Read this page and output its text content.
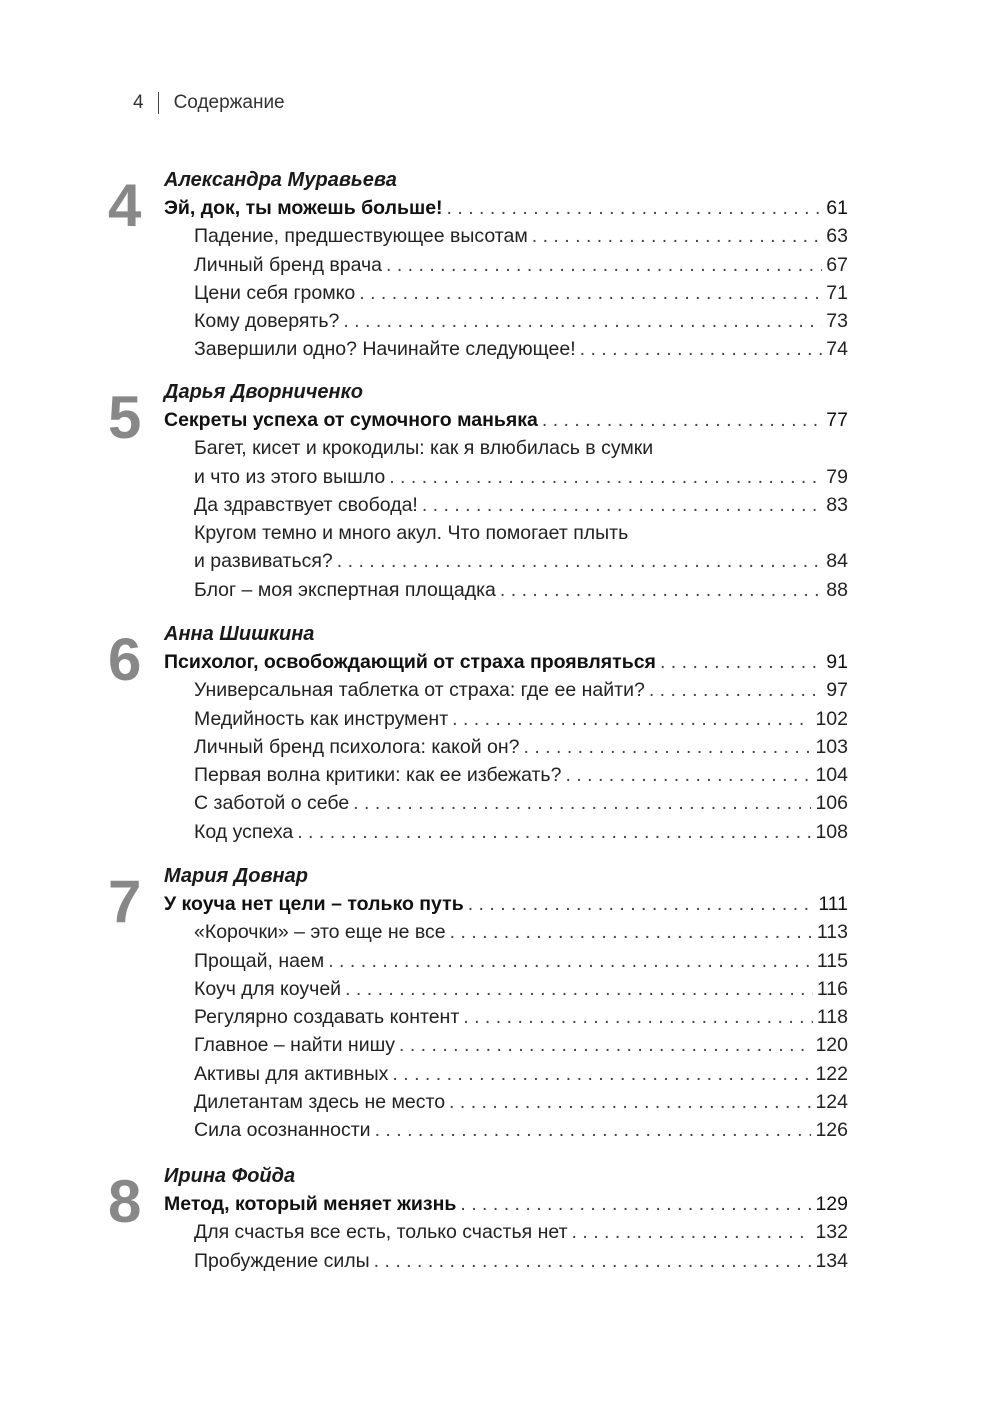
4 Содержание
4 Александра Муравьева
Эй, док, ты можешь больше! . . .	61
Падение, предшествующее высотам . . .	63
Личный бренд врача . . .	67
Цени себя громко . . .	71
Кому доверять? . . .	73
Завершили одно? Начинайте следующее! . . .	74
5 Дарья Дворниченко
Секреты успеха от сумочного маньяка . . .	77
Багет, кисет и крокодилы: как я влюбилась в сумки
и что из этого вышло . . .	79
Да здравствует свобода! . . .	83
Кругом темно и много акул. Что помогает плыть
и развиваться? . . .	84
Блог – моя экспертная площадка . . .	88
6 Анна Шишкина
Психолог, освобождающий от страха проявляться . . .	91
Универсальная таблетка от страха: где ее найти? . . .	97
Медийность как инструмент . . .	102
Личный бренд психолога: какой он? . . .	103
Первая волна критики: как ее избежать? . . .	104
С заботой о себе . . .	106
Код успеха . . .	108
7 Мария Довнар
У коуча нет цели – только путь . . .	111
«Корочки» – это еще не все . . .	113
Прощай, наем . . .	115
Коуч для коучей . . .	116
Регулярно создавать контент . . .	118
Главное – найти нишу . . .	120
Активы для активных . . .	122
Дилетантам здесь не место . . .	124
Сила осознанности . . .	126
8 Ирина Фойда
Метод, который меняет жизнь . . .	129
Для счастья все есть, только счастья нет . . .	132
Пробуждение силы . . .	134
